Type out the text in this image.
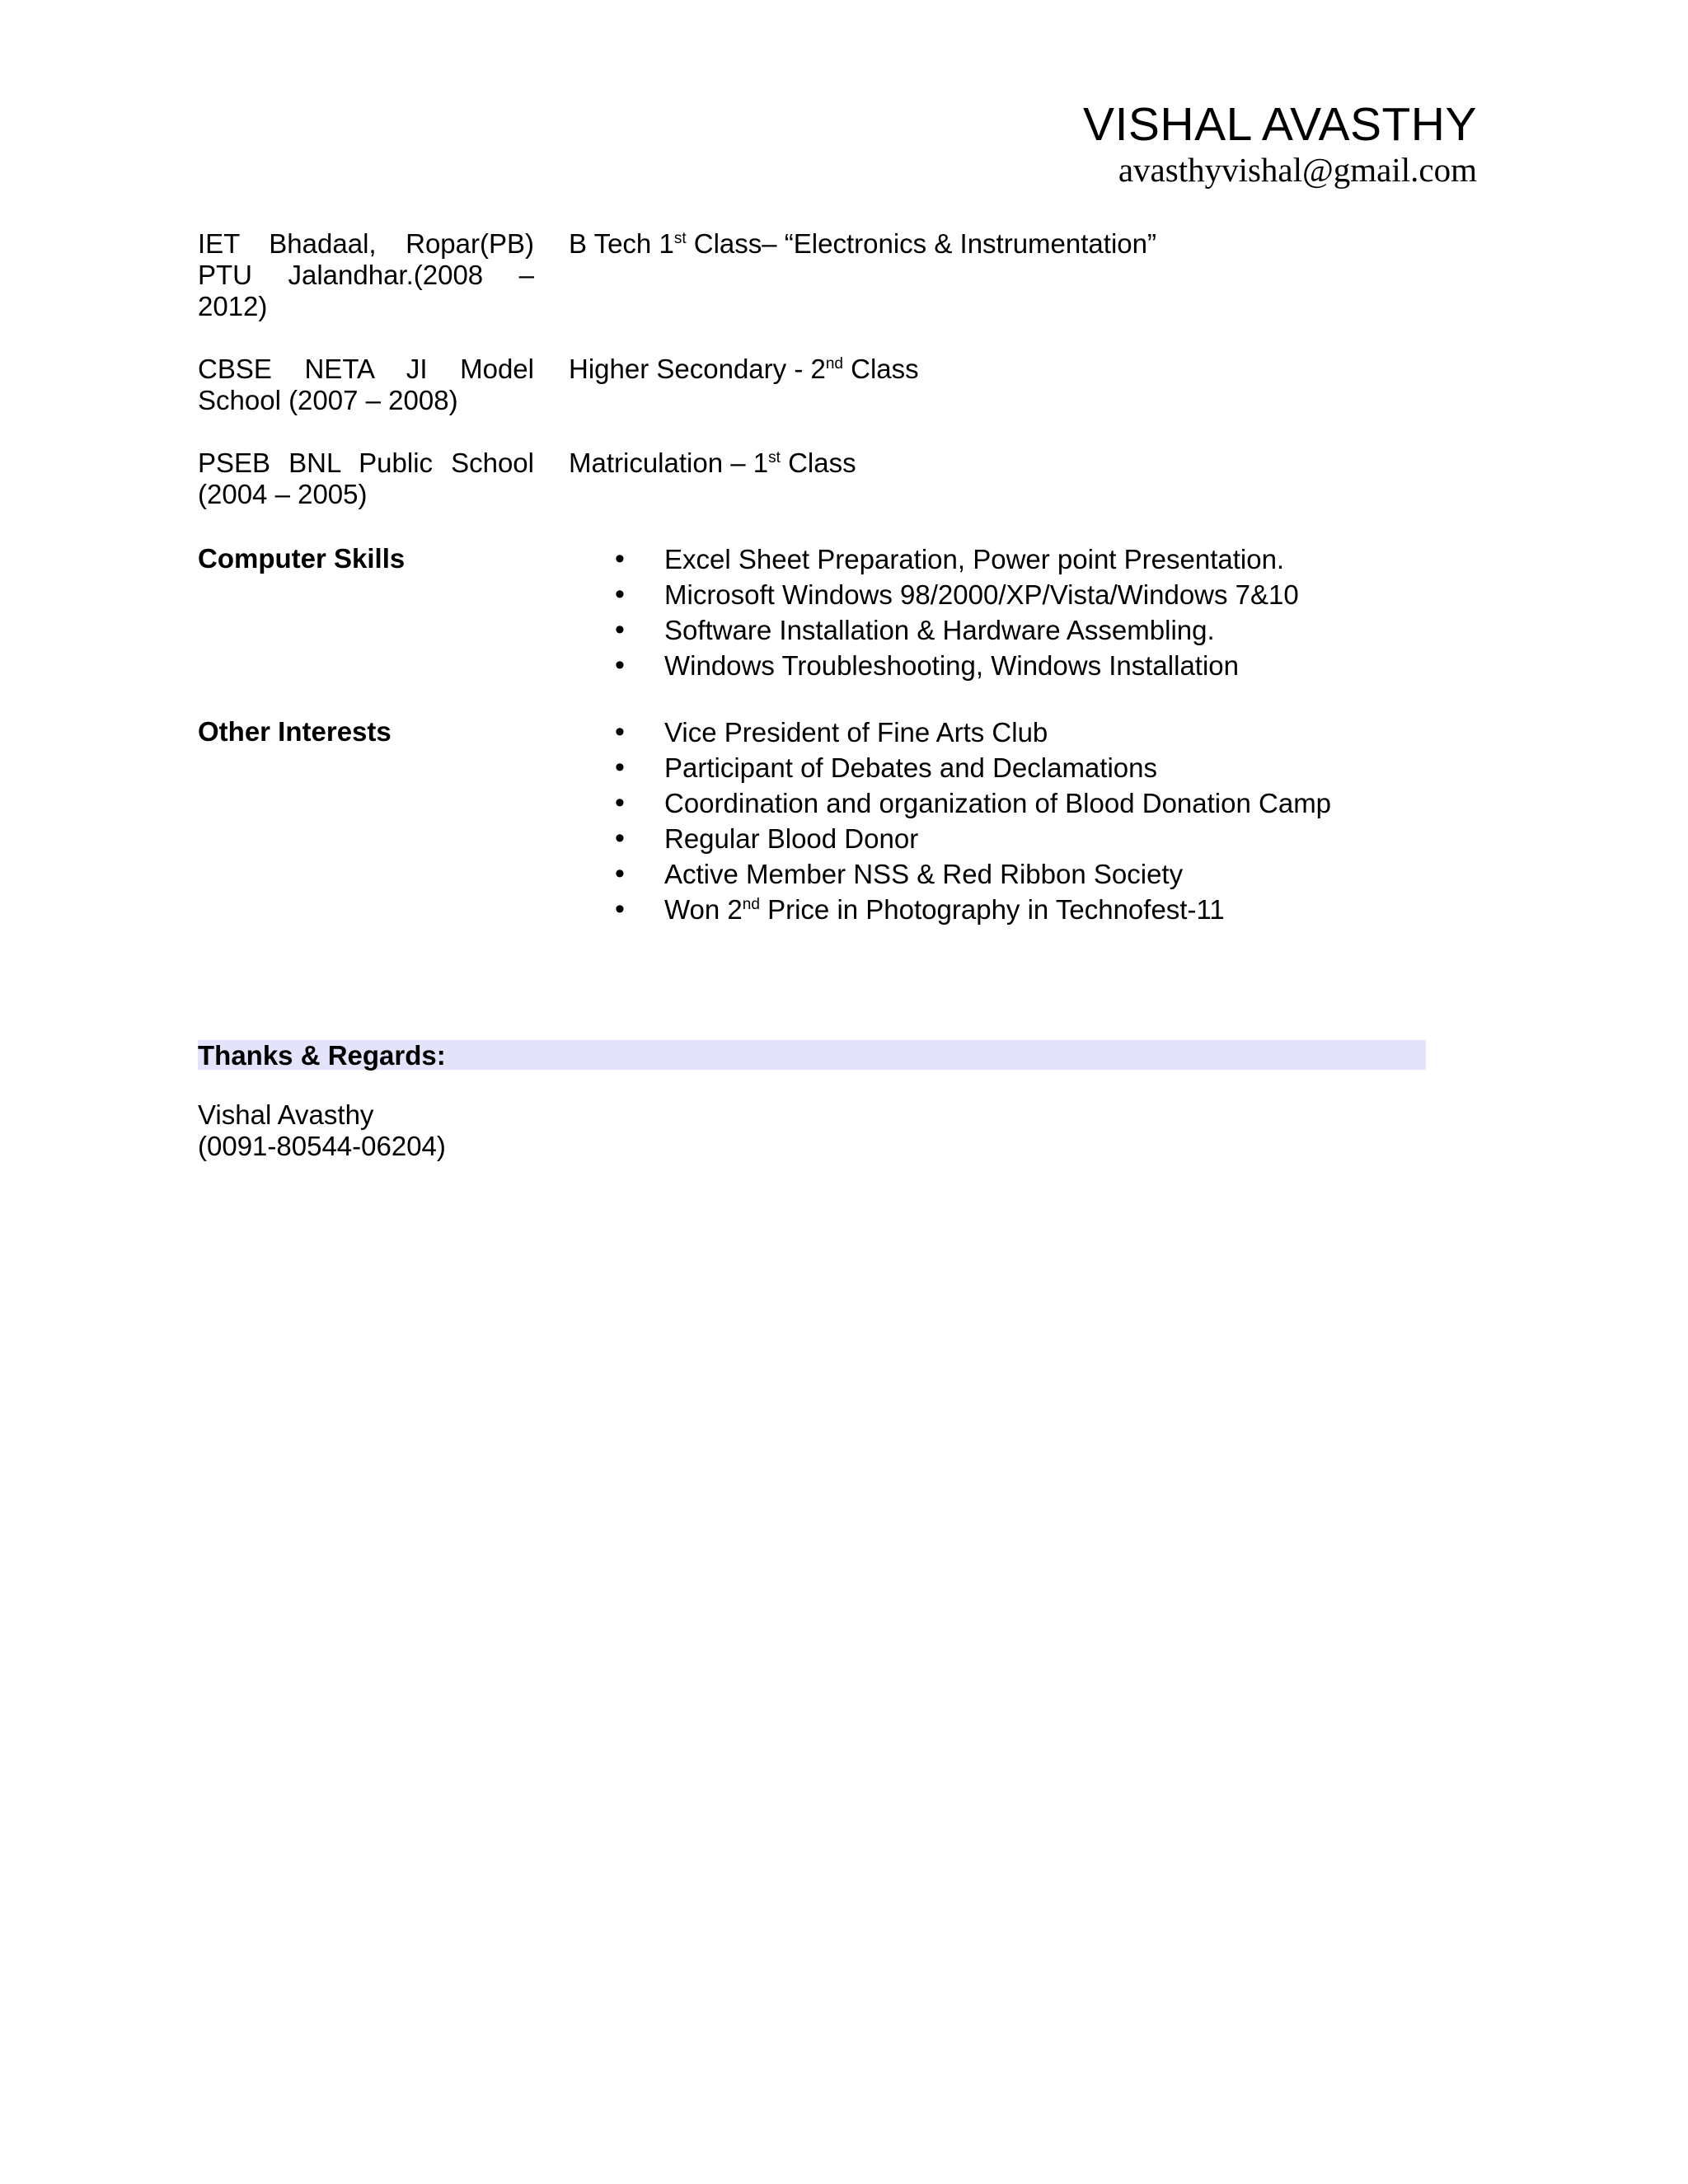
VISHAL AVASTHY
avasthyvishal@gmail.com
IET Bhadaal, Ropar(PB) PTU Jalandhar.(2008 – 2012)
B Tech 1st Class– “Electronics & Instrumentation”
CBSE NETA JI Model School (2007 – 2008)
Higher Secondary - 2nd Class
PSEB BNL Public School (2004 – 2005)
Matriculation – 1st Class
Computer Skills	• Excel Sheet Preparation, Power point Presentation.
• Microsoft Windows 98/2000/XP/Vista/Windows 7&10
• Software Installation & Hardware Assembling.
• Windows Troubleshooting, Windows Installation
Other Interests	• Vice President of Fine Arts Club
• Participant of Debates and Declamations
• Coordination and organization of Blood Donation Camp
• Regular Blood Donor
• Active Member NSS & Red Ribbon Society
• Won 2nd Price in Photography in Technofest-11
Thanks & Regards:
Vishal Avasthy
(0091-80544-06204)
